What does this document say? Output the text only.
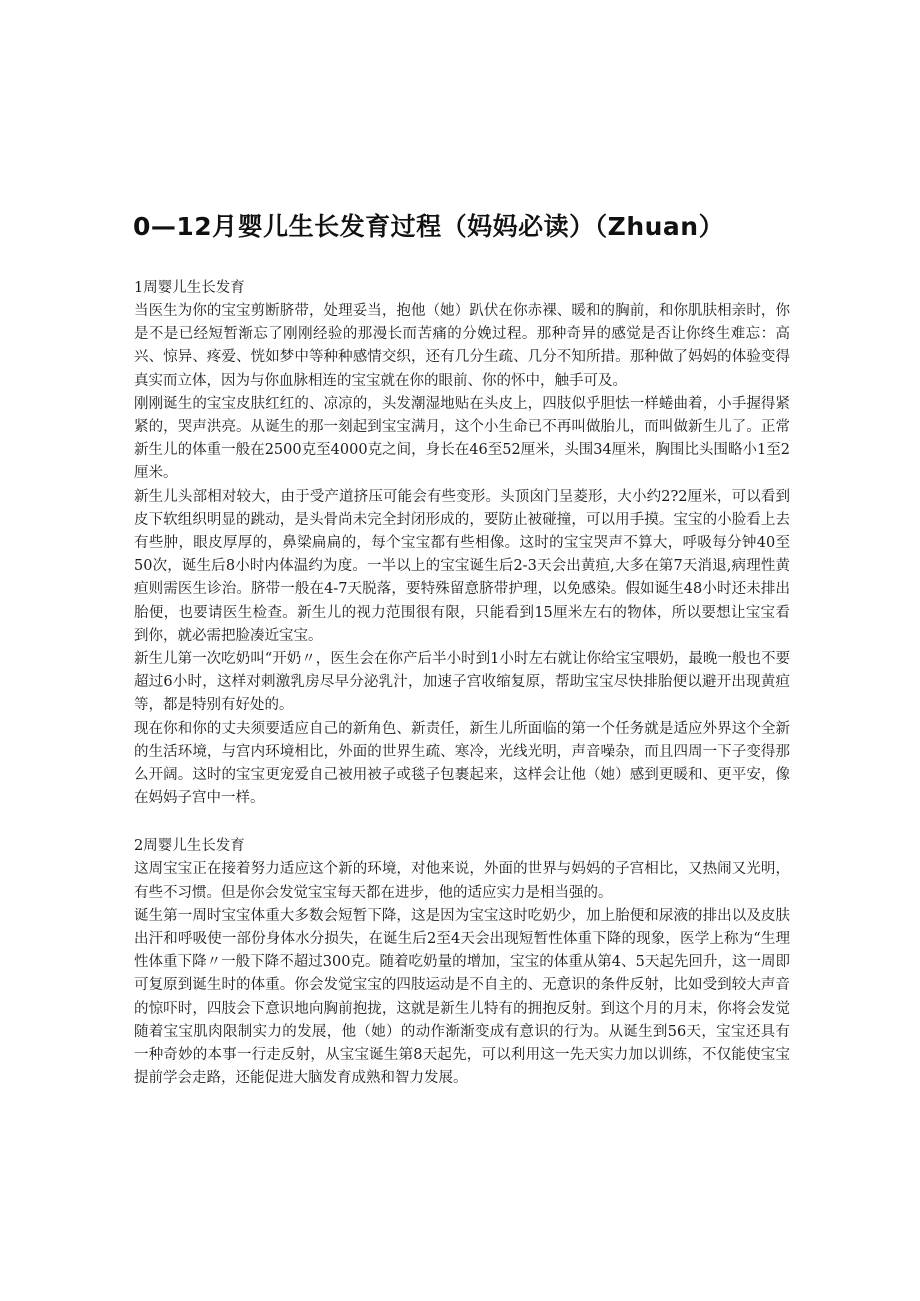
0—12月婴儿生长发育过程（妈妈必读）（Zhuan）

1周婴儿生长发育

当医生为你的宝宝剪断脐带，处理妥当，抱他（她）趴伏在你赤裸、暖和的胸前，和你肌肤相亲时，你是不是已经短暂渐忘了刚刚经验的那漫长而苦痛的分娩过程。那种奇异的感觉是否让你终生难忘：高兴、惊异、疼爱、恍如梦中等种种感情交织，还有几分生疏、几分不知所措。那种做了妈妈的体验变得真实而立体，因为与你血脉相连的宝宝就在你的眼前、你的怀中，触手可及。

刚刚诞生的宝宝皮肤红红的、凉凉的，头发潮湿地贴在头皮上，四肢似乎胆怯一样蜷曲着，小手握得紧紧的，哭声洪亮。从诞生的那一刻起到宝宝满月，这个小生命已不再叫做胎儿，而叫做新生儿了。正常新生儿的体重一般在2500克至4000克之间，身长在46至52厘米，头围34厘米，胸围比头围略小1至2厘米。

新生儿头部相对较大，由于受产道挤压可能会有些变形。头顶囟门呈菱形，大小约2?2厘米，可以看到皮下软组织明显的跳动，是头骨尚未完全封闭形成的，要防止被碰撞，可以用手摸。宝宝的小脸看上去有些肿，眼皮厚厚的，鼻梁扁扁的，每个宝宝都有些相像。这时的宝宝哭声不算大，呼吸每分钟40至50次，诞生后8小时内体温约为度。一半以上的宝宝诞生后2-3天会出黄疸,大多在第7天消退,病理性黄疸则需医生诊治。脐带一般在4-7天脱落，要特殊留意脐带护理，以免感染。假如诞生48小时还未排出胎便，也要请医生检查。新生儿的视力范围很有限，只能看到15厘米左右的物体，所以要想让宝宝看到你，就必需把脸凑近宝宝。

新生儿第一次吃奶叫“开奶〃，医生会在你产后半小时到1小时左右就让你给宝宝喂奶，最晚一般也不要超过6小时，这样对刺激乳房尽早分泌乳汁，加速子宫收缩复原，帮助宝宝尽快排胎便以避开出现黄疸等，都是特别有好处的。

现在你和你的丈夫须要适应自己的新角色、新责任，新生儿所面临的第一个任务就是适应外界这个全新的生活环境，与宫内环境相比，外面的世界生疏、寒冷，光线光明，声音噪杂，而且四周一下子变得那么开阔。这时的宝宝更宠爱自己被用被子或毯子包裹起来，这样会让他（她）感到更暖和、更平安，像在妈妈子宫中一样。

2周婴儿生长发育

这周宝宝正在接着努力适应这个新的环境，对他来说，外面的世界与妈妈的子宫相比，又热闹又光明，有些不习惯。但是你会发觉宝宝每天都在进步，他的适应实力是相当强的。

诞生第一周时宝宝体重大多数会短暂下降，这是因为宝宝这时吃奶少，加上胎便和尿液的排出以及皮肤出汗和呼吸使一部份身体水分损失，在诞生后2至4天会出现短暂性体重下降的现象，医学上称为“生理性体重下降〃一般下降不超过300克。随着吃奶量的增加，宝宝的体重从第4、5天起先回升，这一周即可复原到诞生时的体重。你会发觉宝宝的四肢运动是不自主的、无意识的条件反射，比如受到较大声音的惊吓时，四肢会下意识地向胸前抱拢，这就是新生儿特有的拥抱反射。到这个月的月末，你将会发觉随着宝宝肌肉限制实力的发展，他（她）的动作渐渐变成有意识的行为。从诞生到56天，宝宝还具有一种奇妙的本事一行走反射，从宝宝诞生第8天起先，可以利用这一先天实力加以训练，不仅能使宝宝提前学会走路，还能促进大脑发育成熟和智力发展。
